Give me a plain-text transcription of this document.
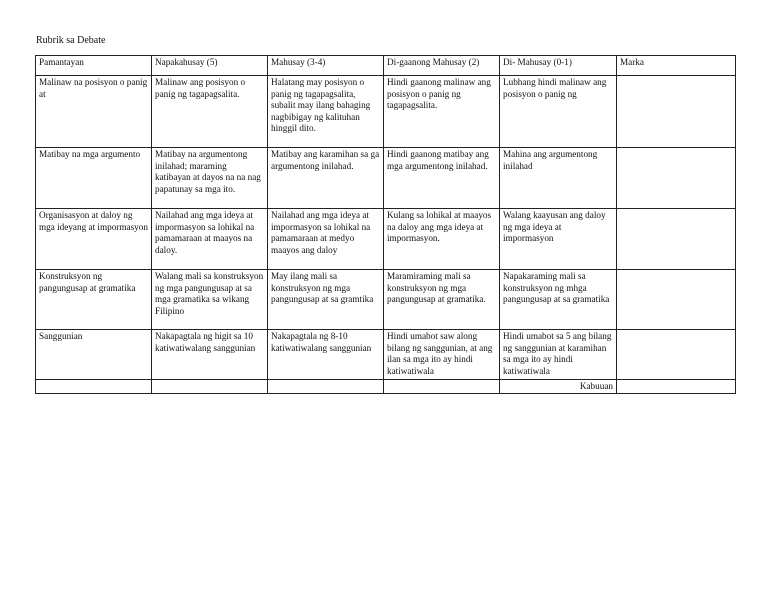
Rubrik sa Debate
Pamantayan	Napakahusay (5)	Mahusay (3-4)	Di-gaanong Mahusay (2)	Di- Mahusay (0-1)	Marka
Malinaw na posisyon o panig at	Malinaw ang posisyon o panig ng tagapagsalita.	Halatang may posisyon o panig ng tagapagsalita, subalit may ilang bahaging nagbibigay ng kalituhan hinggil dito.	Hindi gaanong malinaw ang posisyon o panig ng tagapagsalita.	Lubhang hindi malinaw ang posisyon o panig ng	
Matibay na mga argumento	Matibay na argumentong inilahad; maraming katibayan at dayos na na nag papatunay sa mga ito.	Matibay ang karamihan sa ga argumentong inilahad.	Hindi gaanong matibay ang mga argumentong inilahad.	Mahina ang argumentong inilahad	
Organisasyon at daloy ng mga ideyang at impormasyon	Nailahad ang mga ideya at impormasyon sa lohikal na pamamaraan at maayos na daloy.	Nailahad ang mga ideya at impormasyon sa lohikal na pamamaraan at medyo maayos ang daloy	Kulang sa lohikal at maayos na daloy ang mga ideya at impormasyon.	Walang kaayusan ang daloy ng mga ideya at impormasyon	
Konstruksyon ng pangungusap at gramatika	Walang mali sa konstruksyon ng mga pangungusap at sa mga gramatika sa wikang Filipino	May ilang mali sa konstruksyon ng mga pangungusap at sa gramtika	Maramiraming mali sa konstruksyon ng mga pangungusap at gramatika.	Napakaraming mali sa konstruksyon ng mhga pangungusap at sa gramatika	
Sanggunian	Nakapagtala ng higit sa 10 katiwatiwalang sanggunian	Nakapagtala ng 8-10 katiwatiwalang sanggunian	Hindi umabot saw along bilang ng sanggunian, at ang ilan sa mga ito ay hindi katiwatiwala	Hindi umabot sa 5 ang bilang ng sanggunian at karamihan sa mga ito ay hindi katiwatiwala	
				Kabuuan	
